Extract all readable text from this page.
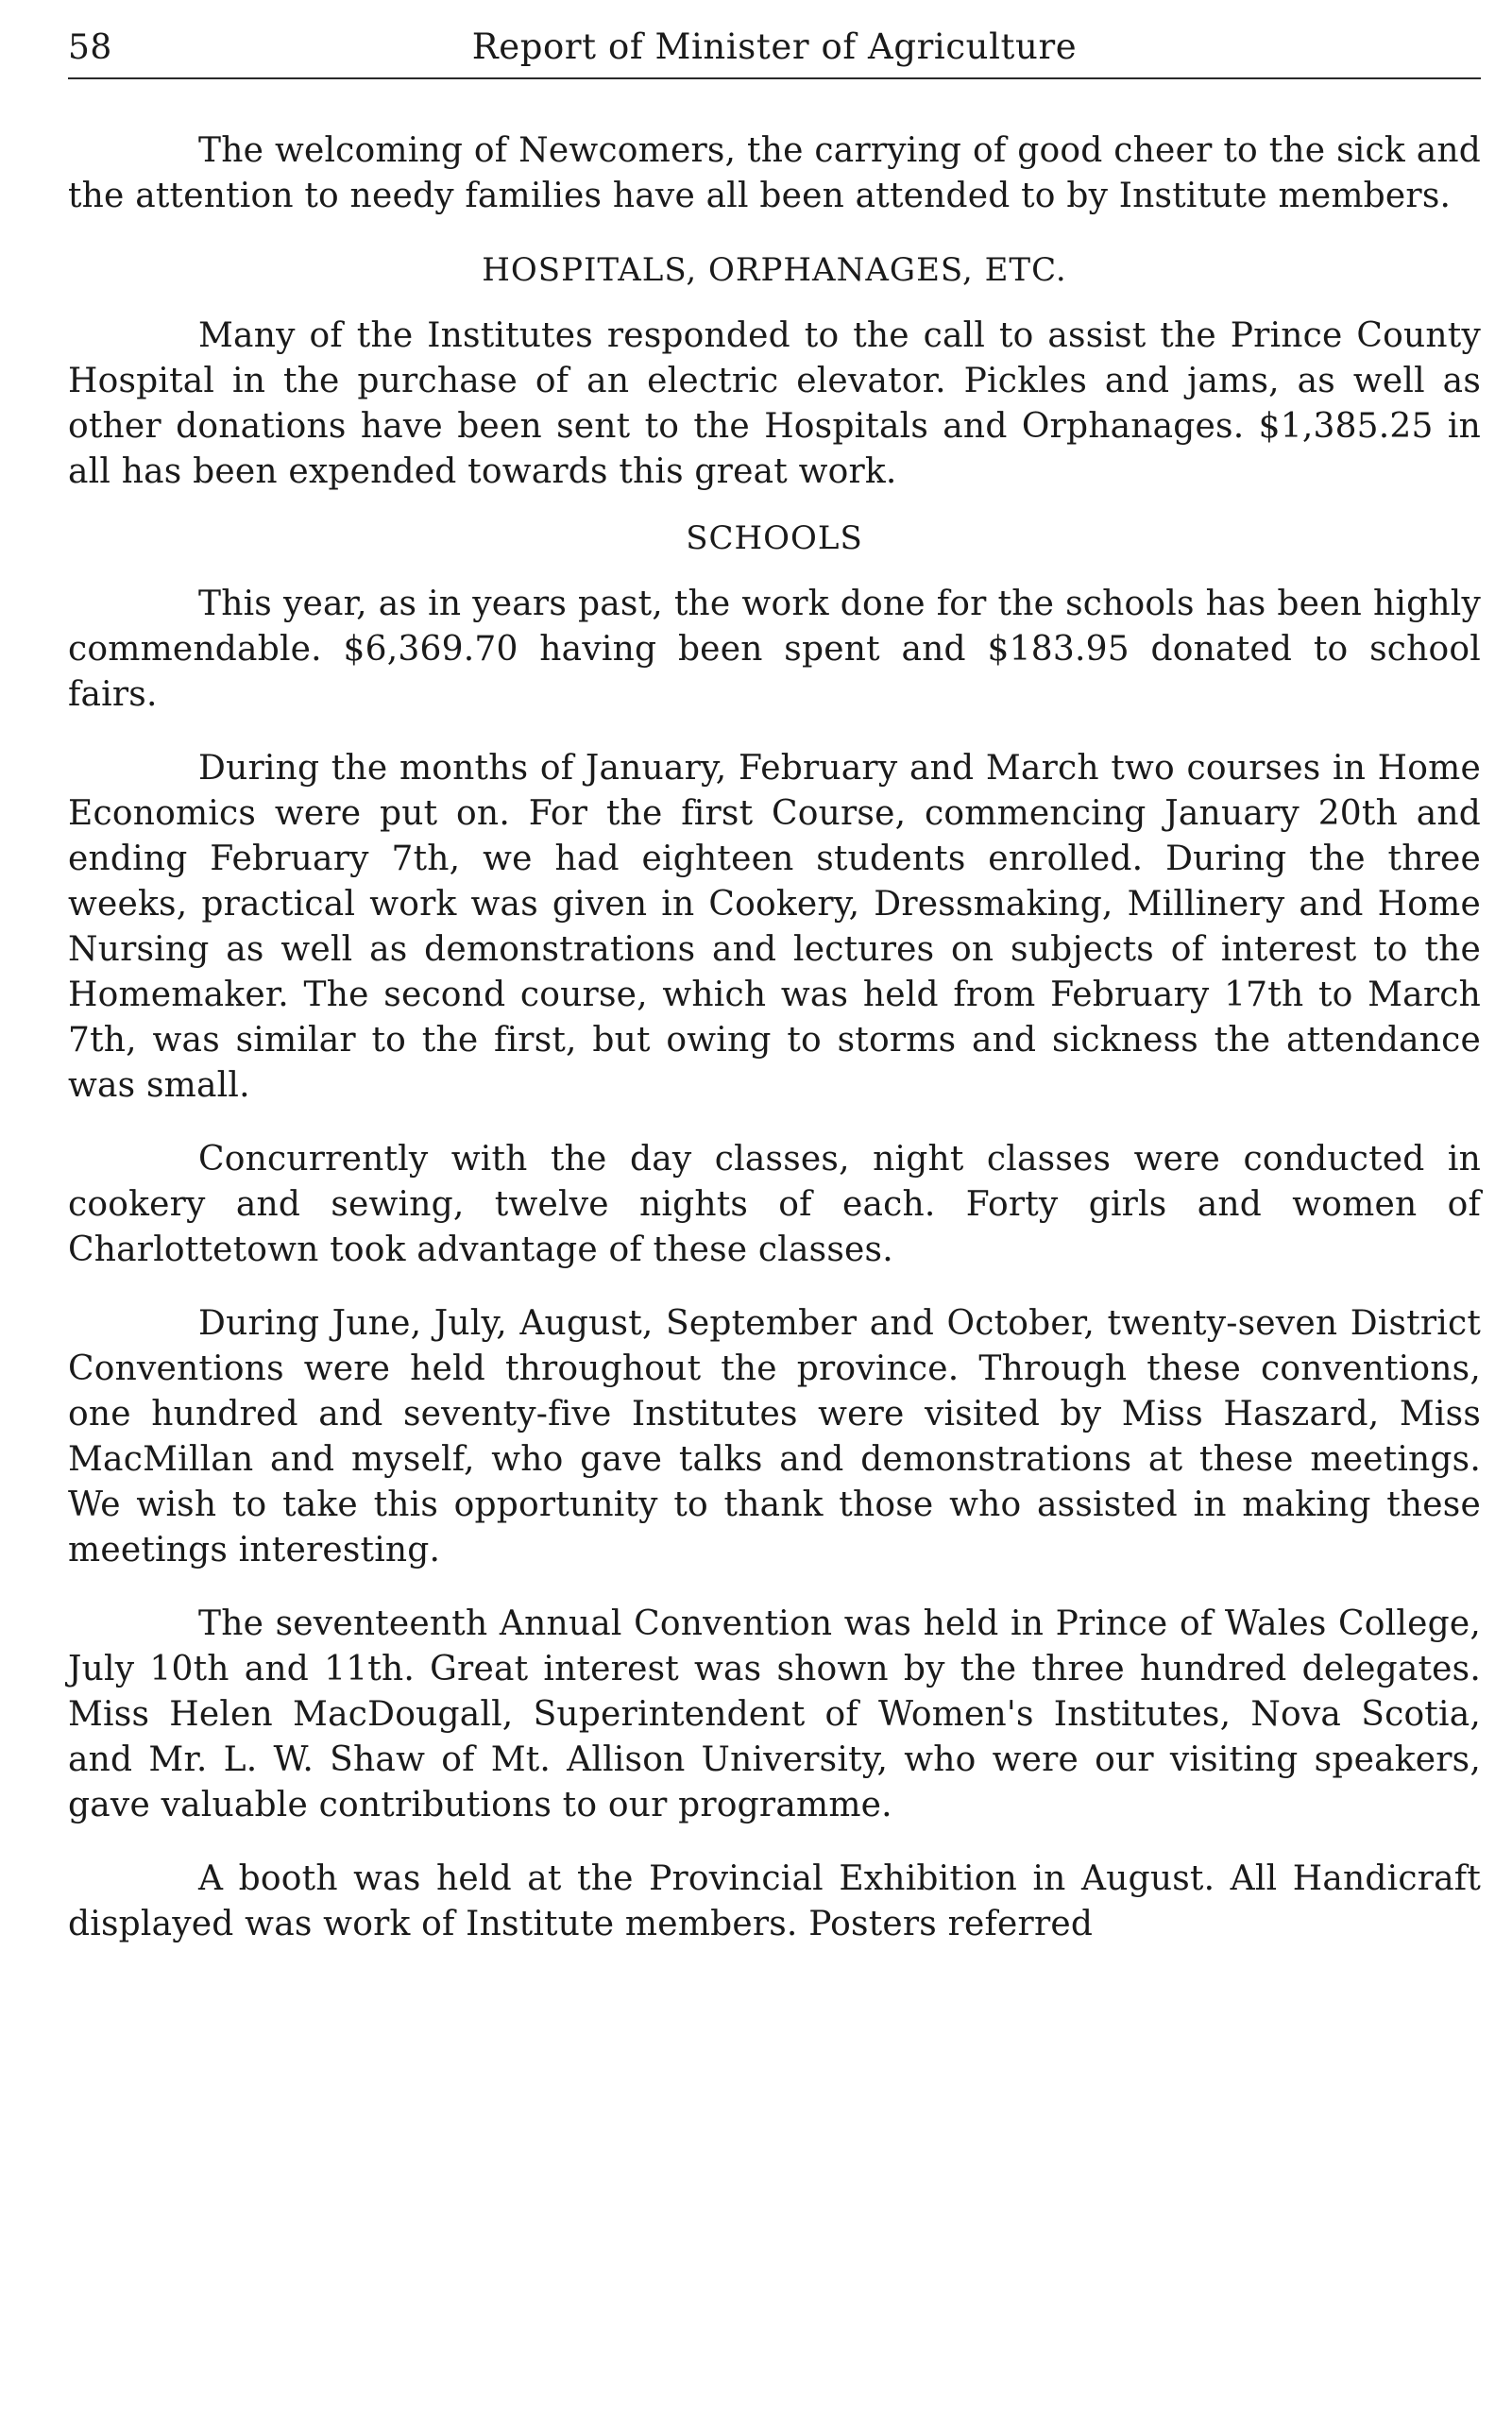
58	Report of Minister of Agriculture

The welcoming of Newcomers, the carrying of good cheer to the sick and the attention to needy families have all been attended to by Institute members.

HOSPITALS, ORPHANAGES, ETC.

Many of the Institutes responded to the call to assist the Prince County Hospital in the purchase of an electric elevator. Pickles and jams, as well as other donations have been sent to the Hospitals and Orphanages. $1,385.25 in all has been expended towards this great work.

SCHOOLS

This year, as in years past, the work done for the schools has been highly commendable. $6,369.70 having been spent and $183.95 donated to school fairs.

During the months of January, February and March two courses in Home Economics were put on. For the first Course, commencing January 20th and ending February 7th, we had eighteen students enrolled. During the three weeks, practical work was given in Cookery, Dressmaking, Millinery and Home Nursing as well as demonstrations and lectures on subjects of interest to the Homemaker. The second course, which was held from February 17th to March 7th, was similar to the first, but owing to storms and sickness the attendance was small.

Concurrently with the day classes, night classes were conducted in cookery and sewing, twelve nights of each. Forty girls and women of Charlottetown took advantage of these classes.

During June, July, August, September and October, twenty-seven District Conventions were held throughout the province. Through these conventions, one hundred and seventy-five Institutes were visited by Miss Haszard, Miss MacMillan and myself, who gave talks and demonstrations at these meetings. We wish to take this opportunity to thank those who assisted in making these meetings interesting.

The seventeenth Annual Convention was held in Prince of Wales College, July 10th and 11th. Great interest was shown by the three hundred delegates. Miss Helen MacDougall, Superintendent of Women's Institutes, Nova Scotia, and Mr. L. W. Shaw of Mt. Allison University, who were our visiting speakers, gave valuable contributions to our programme.

A booth was held at the Provincial Exhibition in August. All Handicraft displayed was work of Institute members. Posters referred
